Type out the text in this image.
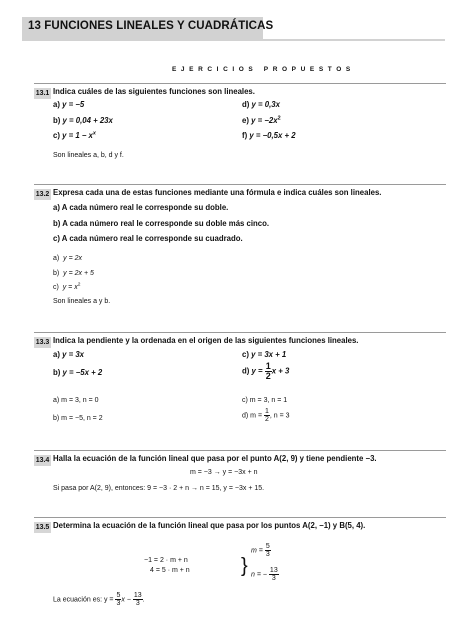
13 FUNCIONES LINEALES Y CUADRÁTICAS
EJERCICIOS PROPUESTOS
13.1 Indica cuáles de las siguientes funciones son lineales.
a) y = −5	d) y = 0,3x
b) y = 0,04 + 23x	e) $y = -2x^2$
c) $y = 1 - x^x$	f) y = −0,5x + 2
Son lineales a, b, d y f.
13.2 Expresa cada una de estas funciones mediante una fórmula e indica cuáles son lineales.
a) A cada número real le corresponde su doble.
b) A cada número real le corresponde su doble más cinco.
c) A cada número real le corresponde su cuadrado.
a) y = 2x
b) y = 2x + 5
c) $y = x^2$
Son lineales a y b.
13.3 Indica la pendiente y la ordenada en el origen de las siguientes funciones lineales.
a) y = 3x	c) y = 3x + 1
b) y = −5x + 2	d) $y = \frac{1}{2}$ x + 3
a) m = 3, n = 0	c) m = 3, n = 1
b) m = −5, n = 2	d) $m = \frac{1}{2}$ , n = 3
13.4 Halla la ecuación de la función lineal que pasa por el punto A(2, 9) y tiene pendiente −3.
m = −3 → y = −3x + n
Si pasa por A(2, 9), entonces: 9 = −3 · 2 + n → n = 15, y = −3x + 15.
13.5 Determina la ecuación de la función lineal que pasa por los puntos A(2, −1) y B(5, 4).
−1 = 2 · m + n
4 = 5 · m + n	}
$m = \frac{5}{3}$
n = − $\frac{13}{3}$
La ecuación es: $y = \frac{5}{3}$ $x - \frac{13}{3}$ .
